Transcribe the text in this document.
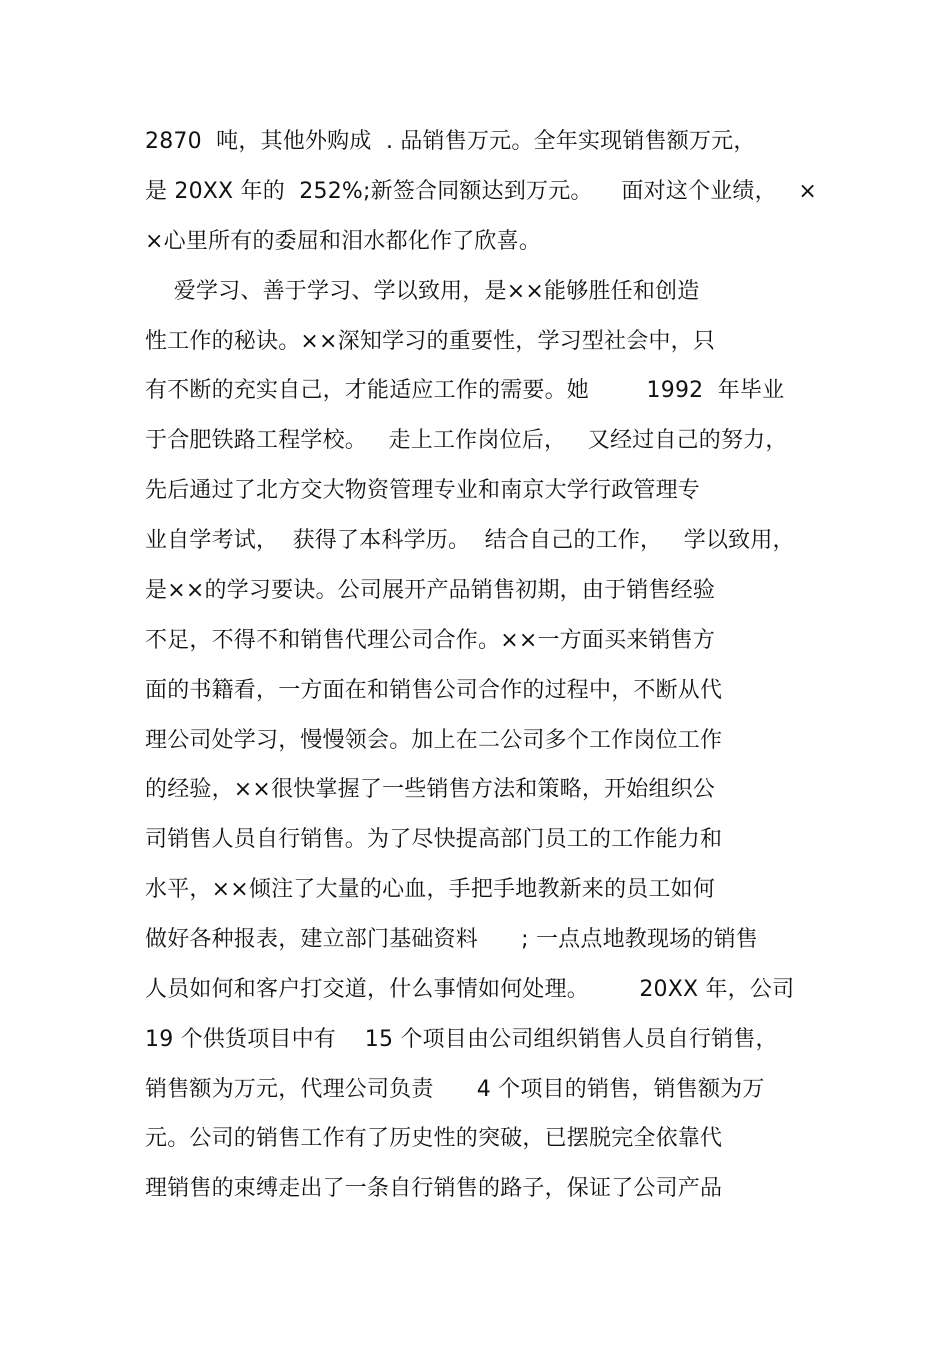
2870  吨，其他外购成  . 品销售万元。全年实现销售额万元，
是 20XX 年的  252%;新签合同额达到万元。    面对这个业绩，   ×
×心里所有的委屈和泪水都化作了欣喜。
爱学习、善于学习、学以致用，是××能够胜任和创造
性工作的秘诀。××深知学习的重要性，学习型社会中，只
有不断的充实自己，才能适应工作的需要。她        1992  年毕业
于合肥铁路工程学校。   走上工作岗位后，   又经过自己的努力，
先后通过了北方交大物资管理专业和南京大学行政管理专
业自学考试，  获得了本科学历。  结合自己的工作，   学以致用，
是××的学习要诀。公司展开产品销售初期，由于销售经验
不足，不得不和销售代理公司合作。××一方面买来销售方
面的书籍看，一方面在和销售公司合作的过程中，不断从代
理公司处学习，慢慢领会。加上在二公司多个工作岗位工作
的经验，××很快掌握了一些销售方法和策略，开始组织公
司销售人员自行销售。为了尽快提高部门员工的工作能力和
水平，××倾注了大量的心血，手把手地教新来的员工如何
做好各种报表，建立部门基础资料      ; 一点点地教现场的销售
人员如何和客户打交道，什么事情如何处理。       20XX 年，公司
19 个供货项目中有    15 个项目由公司组织销售人员自行销售，
销售额为万元，代理公司负责      4 个项目的销售，销售额为万
元。公司的销售工作有了历史性的突破，已摆脱完全依靠代
理销售的束缚走出了一条自行销售的路子，保证了公司产品
